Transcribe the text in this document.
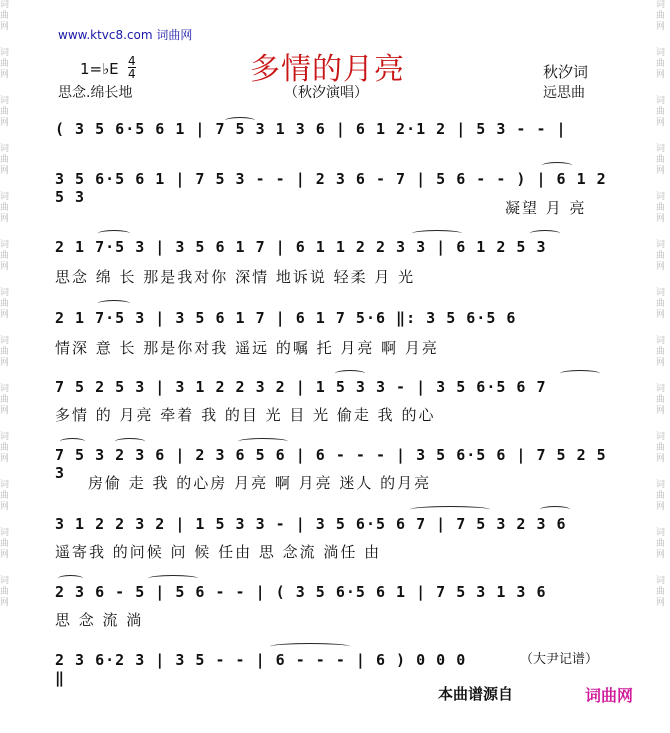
词曲网
词曲网
词曲网
词曲网
词曲网
词曲网
词曲网
词曲网
词曲网
词曲网
词曲网
词曲网
词曲网
词曲网
词曲网
词曲网
词曲网
词曲网
词曲网
词曲网
词曲网
词曲网
词曲网
词曲网
词曲网
词曲网
www.ktvc8.com 词曲网
多情的月亮
1=♭E 4
4	秋汐词
思念.绵长地	（秋汐演唱）	远思曲
( 3 5 6·5 6 1 | 7 5 3 1 3 6 | 6 1 2·1 2 | 5 3 - - |
3 5 6·5 6 1 | 7 5 3 - - | 2 3 6 - 7 | 5 6 - - ) | 6 1 2 5 3
凝望 月 亮
2 1 7·5 3 | 3 5 6 1 7 | 6 1 1 2 2 3 3 | 6 1 2 5 3
思念 绵 长 那是我对你 深情 地诉说 轻柔 月 光
2 1 7·5 3 | 3 5 6 1 7 | 6 1 7 5·6 ‖: 3 5 6·5 6
情深 意 长 那是你对我 遥远 的嘱 托 月亮 啊 月亮
7 5 2 5 3 | 3 1 2 2 3 2 | 1 5 3 3 - | 3 5 6·5 6 7
多情 的 月亮 牵着 我 的目 光 目 光 偷走 我 的心
7 5 3 2 3 6 | 2 3 6 5 6 | 6 - - - | 3 5 6·5 6 | 7 5 2 5 3
房偷 走 我 的心房 月亮 啊 月亮 迷人 的月亮
3 1 2 2 3 2 | 1 5 3 3 - | 3 5 6·5 6 7 | 7 5 3 2 3 6
遥寄我 的问候 问 候 任由 思 念流 淌任 由
2 3 6 - 5 | 5 6 - - | ( 3 5 6·5 6 1 | 7 5 3 1 3 6
思 念 流 淌
2 3 6·2 3 | 3 5 - - | 6 - - - | 6 ) 0 0 0 ‖
（大尹记谱）
本曲谱源自	词曲网
